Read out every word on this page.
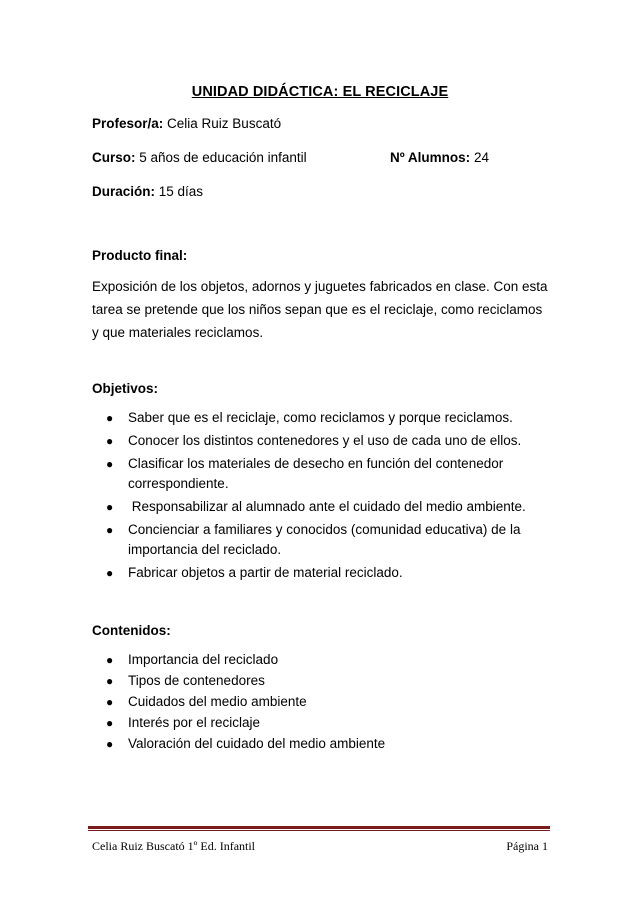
UNIDAD DIDÁCTICA: EL RECICLAJE
Profesor/a: Celia Ruiz Buscató
Curso: 5 años de educación infantil	Nº Alumnos: 24
Duración: 15 días
Producto final:
Exposición de los objetos, adornos y juguetes fabricados en clase. Con esta
tarea se pretende que los niños sepan que es el reciclaje, como reciclamos
y que materiales reciclamos.
Objetivos:
● Saber que es el reciclaje, como reciclamos y porque reciclamos.
● Conocer los distintos contenedores y el uso de cada uno de ellos.
● Clasificar los materiales de desecho en función del contenedor
correspondiente.
● Responsabilizar al alumnado ante el cuidado del medio ambiente.
● Concienciar a familiares y conocidos (comunidad educativa) de la
importancia del reciclado.
● Fabricar objetos a partir de material reciclado.
Contenidos:
● Importancia del reciclado
● Tipos de contenedores
● Cuidados del medio ambiente
● Interés por el reciclaje
● Valoración del cuidado del medio ambiente
Celia Ruiz Buscató 1º Ed. Infantil	Página 1
